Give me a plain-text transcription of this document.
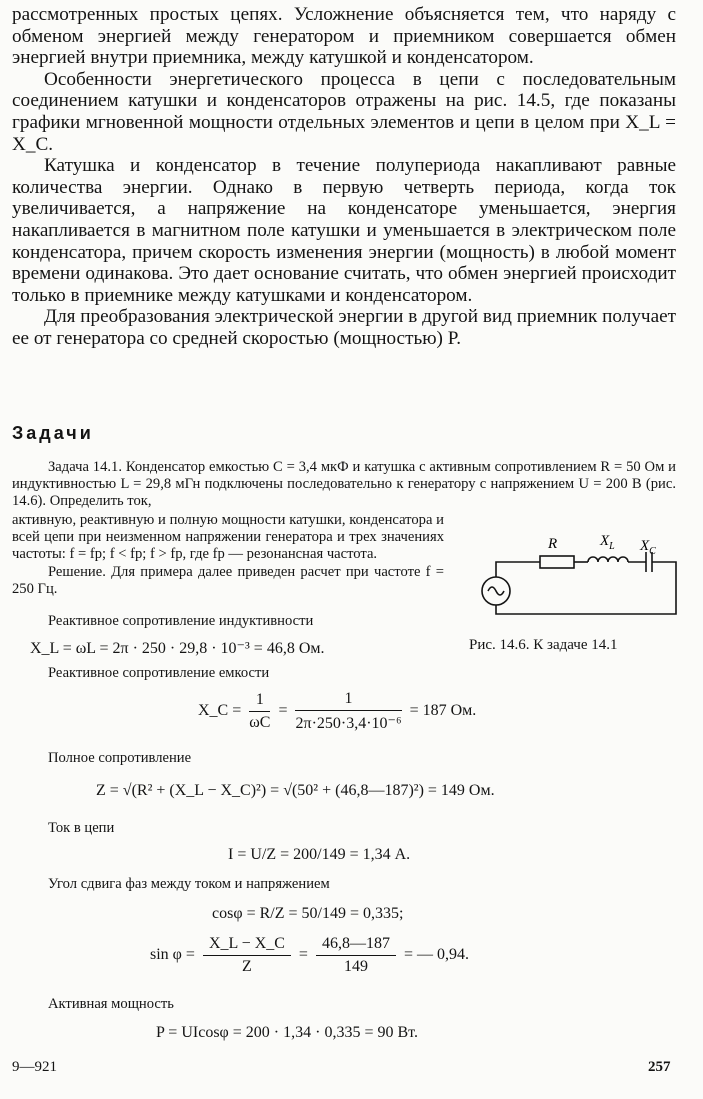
рассмотренных простых цепях. Усложнение объясняется тем, что наряду с обменом энергией между генератором и приемником совершается обмен энергией внутри приемника, между катушкой и конденсатором.
Особенности энергетического процесса в цепи с последовательным соединением катушки и конденсаторов отражены на рис. 14.5, где показаны графики мгновенной мощности отдельных элементов и цепи в целом при X_L = X_C.
Катушка и конденсатор в течение полупериода накапливают равные количества энергии. Однако в первую четверть периода, когда ток увеличивается, а напряжение на конденсаторе уменьшается, энергия накапливается в магнитном поле катушки и уменьшается в электрическом поле конденсатора, причем скорость изменения энергии (мощность) в любой момент времени одинакова. Это дает основание считать, что обмен энергией происходит только в приемнике между катушками и конденсатором.
Для преобразования электрической энергии в другой вид приемник получает ее от генератора со средней скоростью (мощностью) P.
Задачи
Задача 14.1. Конденсатор емкостью C = 3,4 мкФ и катушка с активным сопротивлением R = 50 Ом и индуктивностью L = 29,8 мГн подключены последовательно к генератору с напряжением U = 200 В (рис. 14.6). Определить ток,
активную, реактивную и полную мощности катушки, конденсатора и всей цепи при неизменном напряжении генератора и трех значениях частоты: f = fр; f < fр; f > fр, где fр — резонансная частота.
Решение. Для примера далее приведен расчет при частоте f = 250 Гц.
R	$X_L$ $X_C$
Рис. 14.6. К задаче 14.1
Реактивное сопротивление индуктивности
X_L = ωL = 2π · 250 · 29,8 · 10⁻³ = 46,8 Ом.
Реактивное сопротивление емкости
X_C = $\frac{1}{\omega C} = \frac{1}{\text{2π·250·3,4·10⁻⁶}} = 187$ Ом.
Полное сопротивление
Z = √(R² + (X_L − X_C)²) = √(50² + (46,8—187)²) = 149 Ом.
Ток в цепи
I = U/Z = 200/149 = 1,34 А.
Угол сдвига фаз между током и напряжением
cosφ = R/Z = 50/149 = 0,335;
$\sin \varphi = \frac{X\_L - X\_C}{Z} = \frac{46,8—187}{149}$ = — 0,94.
Активная мощность
P = UIcosφ = 200 · 1,34 · 0,335 = 90 Вт.
9—921	257
